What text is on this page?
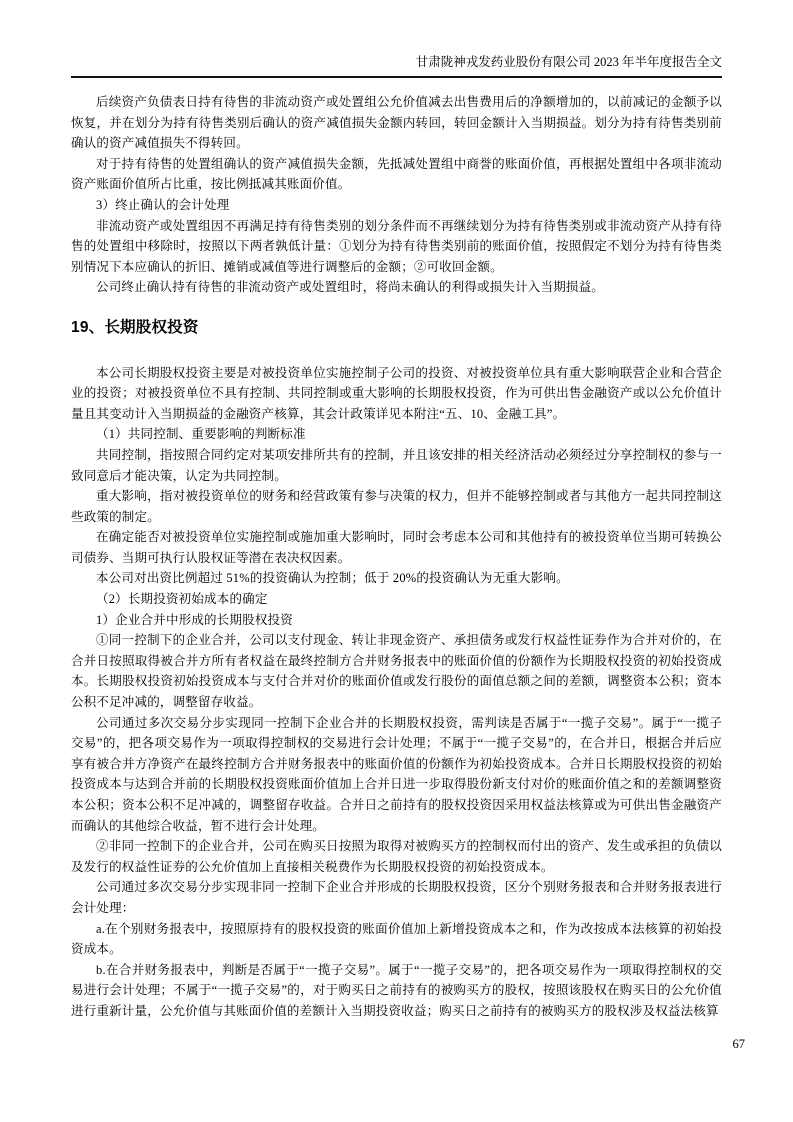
甘肃陇神戎发药业股份有限公司 2023 年半年度报告全文

后续资产负债表日持有待售的非流动资产或处置组公允价值减去出售费用后的净额增加的，以前减记的金额予以恢复，并在划分为持有待售类别后确认的资产减值损失金额内转回，转回金额计入当期损益。划分为持有待售类别前确认的资产减值损失不得转回。

对于持有待售的处置组确认的资产减值损失金额，先抵减处置组中商誉的账面价值，再根据处置组中各项非流动资产账面价值所占比重，按比例抵减其账面价值。

3）终止确认的会计处理

非流动资产或处置组因不再满足持有待售类别的划分条件而不再继续划分为持有待售类别或非流动资产从持有待售的处置组中移除时，按照以下两者孰低计量：①划分为持有待售类别前的账面价值，按照假定不划分为持有待售类别情况下本应确认的折旧、摊销或减值等进行调整后的金额；②可收回金额。

公司终止确认持有待售的非流动资产或处置组时，将尚未确认的利得或损失计入当期损益。

19、长期股权投资

本公司长期股权投资主要是对被投资单位实施控制子公司的投资、对被投资单位具有重大影响联营企业和合营企业的投资；对被投资单位不具有控制、共同控制或重大影响的长期股权投资，作为可供出售金融资产或以公允价值计量且其变动计入当期损益的金融资产核算，其会计政策详见本附注“五、10、金融工具”。

（1）共同控制、重要影响的判断标准

共同控制，指按照合同约定对某项安排所共有的控制，并且该安排的相关经济活动必须经过分享控制权的参与一致同意后才能决策，认定为共同控制。

重大影响，指对被投资单位的财务和经营政策有参与决策的权力，但并不能够控制或者与其他方一起共同控制这些政策的制定。

在确定能否对被投资单位实施控制或施加重大影响时，同时会考虑本公司和其他持有的被投资单位当期可转换公司债券、当期可执行认股权证等潜在表决权因素。

本公司对出资比例超过 51%的投资确认为控制；低于 20%的投资确认为无重大影响。

（2）长期投资初始成本的确定

1）企业合并中形成的长期股权投资

①同一控制下的企业合并，公司以支付现金、转让非现金资产、承担债务或发行权益性证券作为合并对价的，在合并日按照取得被合并方所有者权益在最终控制方合并财务报表中的账面价值的份额作为长期股权投资的初始投资成本。长期股权投资初始投资成本与支付合并对价的账面价值或发行股份的面值总额之间的差额，调整资本公积；资本公积不足冲减的，调整留存收益。

公司通过多次交易分步实现同一控制下企业合并的长期股权投资，需判读是否属于“一揽子交易”。属于“一揽子交易”的，把各项交易作为一项取得控制权的交易进行会计处理；不属于“一揽子交易”的，在合并日，根据合并后应享有被合并方净资产在最终控制方合并财务报表中的账面价值的份额作为初始投资成本。合并日长期股权投资的初始投资成本与达到合并前的长期股权投资账面价值加上合并日进一步取得股份新支付对价的账面价值之和的差额调整资本公积；资本公积不足冲减的，调整留存收益。合并日之前持有的股权投资因采用权益法核算或为可供出售金融资产而确认的其他综合收益，暂不进行会计处理。

②非同一控制下的企业合并，公司在购买日按照为取得对被购买方的控制权而付出的资产、发生或承担的负债以及发行的权益性证券的公允价值加上直接相关税费作为长期股权投资的初始投资成本。

公司通过多次交易分步实现非同一控制下企业合并形成的长期股权投资，区分个别财务报表和合并财务报表进行会计处理：

a.在个别财务报表中，按照原持有的股权投资的账面价值加上新增投资成本之和，作为改按成本法核算的初始投资成本。

b.在合并财务报表中，判断是否属于“一揽子交易”。属于“一揽子交易”的，把各项交易作为一项取得控制权的交易进行会计处理；不属于“一揽子交易”的，对于购买日之前持有的被购买方的股权，按照该股权在购买日的公允价值进行重新计量，公允价值与其账面价值的差额计入当期投资收益；购买日之前持有的被购买方的股权涉及权益法核算

67
